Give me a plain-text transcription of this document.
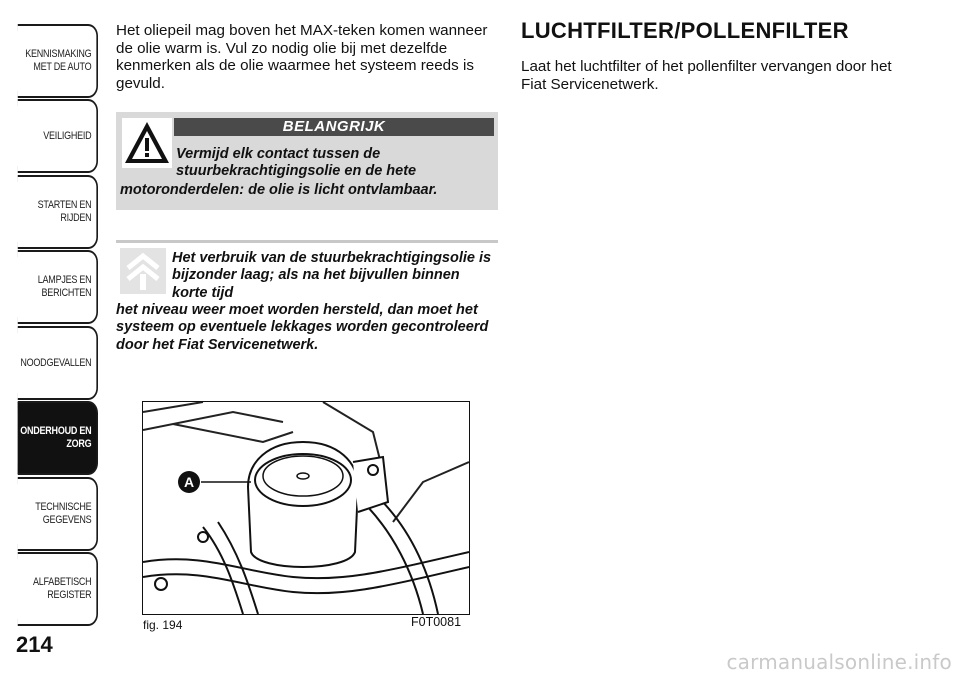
KENNISMAKING
MET DE AUTO
VEILIGHEID
STARTEN EN RIJDEN
LAMPJES EN
BERICHTEN
NOODGEVALLEN
ONDERHOUD EN
ZORG
TECHNISCHE
GEGEVENS
ALFABETISCH
REGISTER
214
Het oliepeil mag boven het MAX-teken komen wanneer de olie warm is. Vul zo nodig olie bij met dezelfde kenmerken als de olie waarmee het systeem reeds is gevuld.
BELANGRIJK
Vermijd elk contact tussen de stuurbekrachtigingsolie en de hete
motoronderdelen: de olie is licht ontvlambaar.
Het verbruik van de stuurbekrachtigingsolie is bijzonder laag; als na het bijvullen binnen korte tijd
het niveau weer moet worden hersteld, dan moet het systeem op eventuele lekkages worden gecontroleerd door het Fiat Servicenetwerk.
A
fig. 194	F0T0081
LUCHTFILTER/POLLENFILTER
Laat het luchtfilter of het pollenfilter vervangen door het Fiat Servicenetwerk.
carmanualsonline.info
